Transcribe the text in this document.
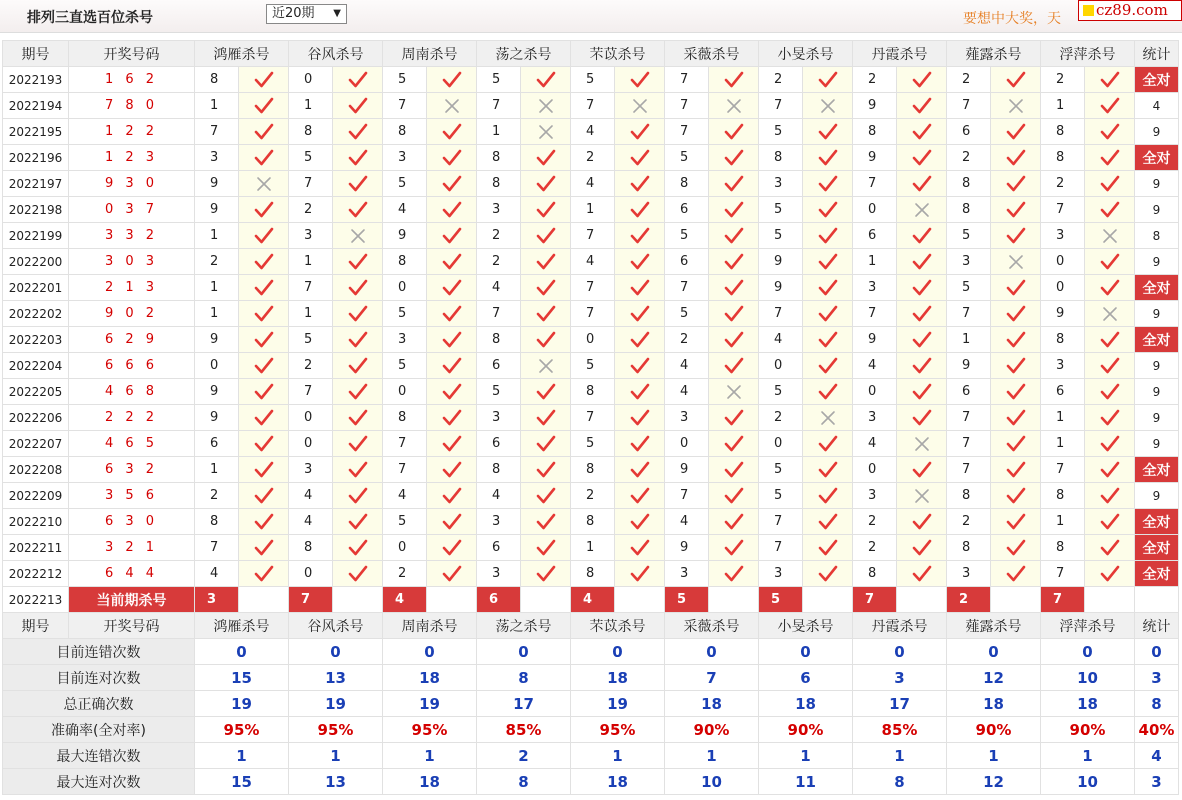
排列三直选百位杀号	近20期 ▼	要想中大奖，天	cz89.com
期号	开奖号码	鸿雁杀号		谷风杀号		周南杀号		荡之杀号		芣苡杀号		采薇杀号		小旻杀号		丹霞杀号		薤露杀号		浮萍杀号		统计
2022193	1 6 2	8		0		5		5		5		7		2		2		2		2		全对
2022194	7 8 0	1		1		7		7		7		7		7		9		7		1		4
2022195	1 2 2	7		8		8		1		4		7		5		8		6		8		9
2022196	1 2 3	3		5		3		8		2		5		8		9		2		8		全对
2022197	9 3 0	9		7		5		8		4		8		3		7		8		2		9
2022198	0 3 7	9		2		4		3		1		6		5		0		8		7		9
2022199	3 3 2	1		3		9		2		7		5		5		6		5		3		8
2022200	3 0 3	2		1		8		2		4		6		9		1		3		0		9
2022201	2 1 3	1		7		0		4		7		7		9		3		5		0		全对
2022202	9 0 2	1		1		5		7		7		5		7		7		7		9		9
2022203	6 2 9	9		5		3		8		0		2		4		9		1		8		全对
2022204	6 6 6	0		2		5		6		5		4		0		4		9		3		9
2022205	4 6 8	9		7		0		5		8		4		5		0		6		6		9
2022206	2 2 2	9		0		8		3		7		3		2		3		7		1		9
2022207	4 6 5	6		0		7		6		5		0		0		4		7		1		9
2022208	6 3 2	1		3		7		8		8		9		5		0		7		7		全对
2022209	3 5 6	2		4		4		4		2		7		5		3		8		8		9
2022210	6 3 0	8		4		5		3		8		4		7		2		2		1		全对
2022211	3 2 1	7		8		0		6		1		9		7		2		8		8		全对
2022212	6 4 4	4		0		2		3		8		3		3		8		3		7		全对
2022213	当前期杀号	3		7		4		6		4		5		5		7		2		7		
期号	开奖号码	鸿雁杀号		谷风杀号		周南杀号		荡之杀号		芣苡杀号		采薇杀号		小旻杀号		丹霞杀号		薤露杀号		浮萍杀号		统计
目前连错次数		0		0		0		0		0		0		0		0		0		0		0
目前连对次数		15		13		18		8		18		7		6		3		12		10		3
总正确次数		19		19		19		17		19		18		18		17		18		18		8
准确率(全对率)		95%		95%		95%		85%		95%		90%		90%		85%		90%		90%		40%
最大连错次数		1		1		1		2		1		1		1		1		1		1		4
最大连对次数		15		13		18		8		18		10		11		8		12		10		3
